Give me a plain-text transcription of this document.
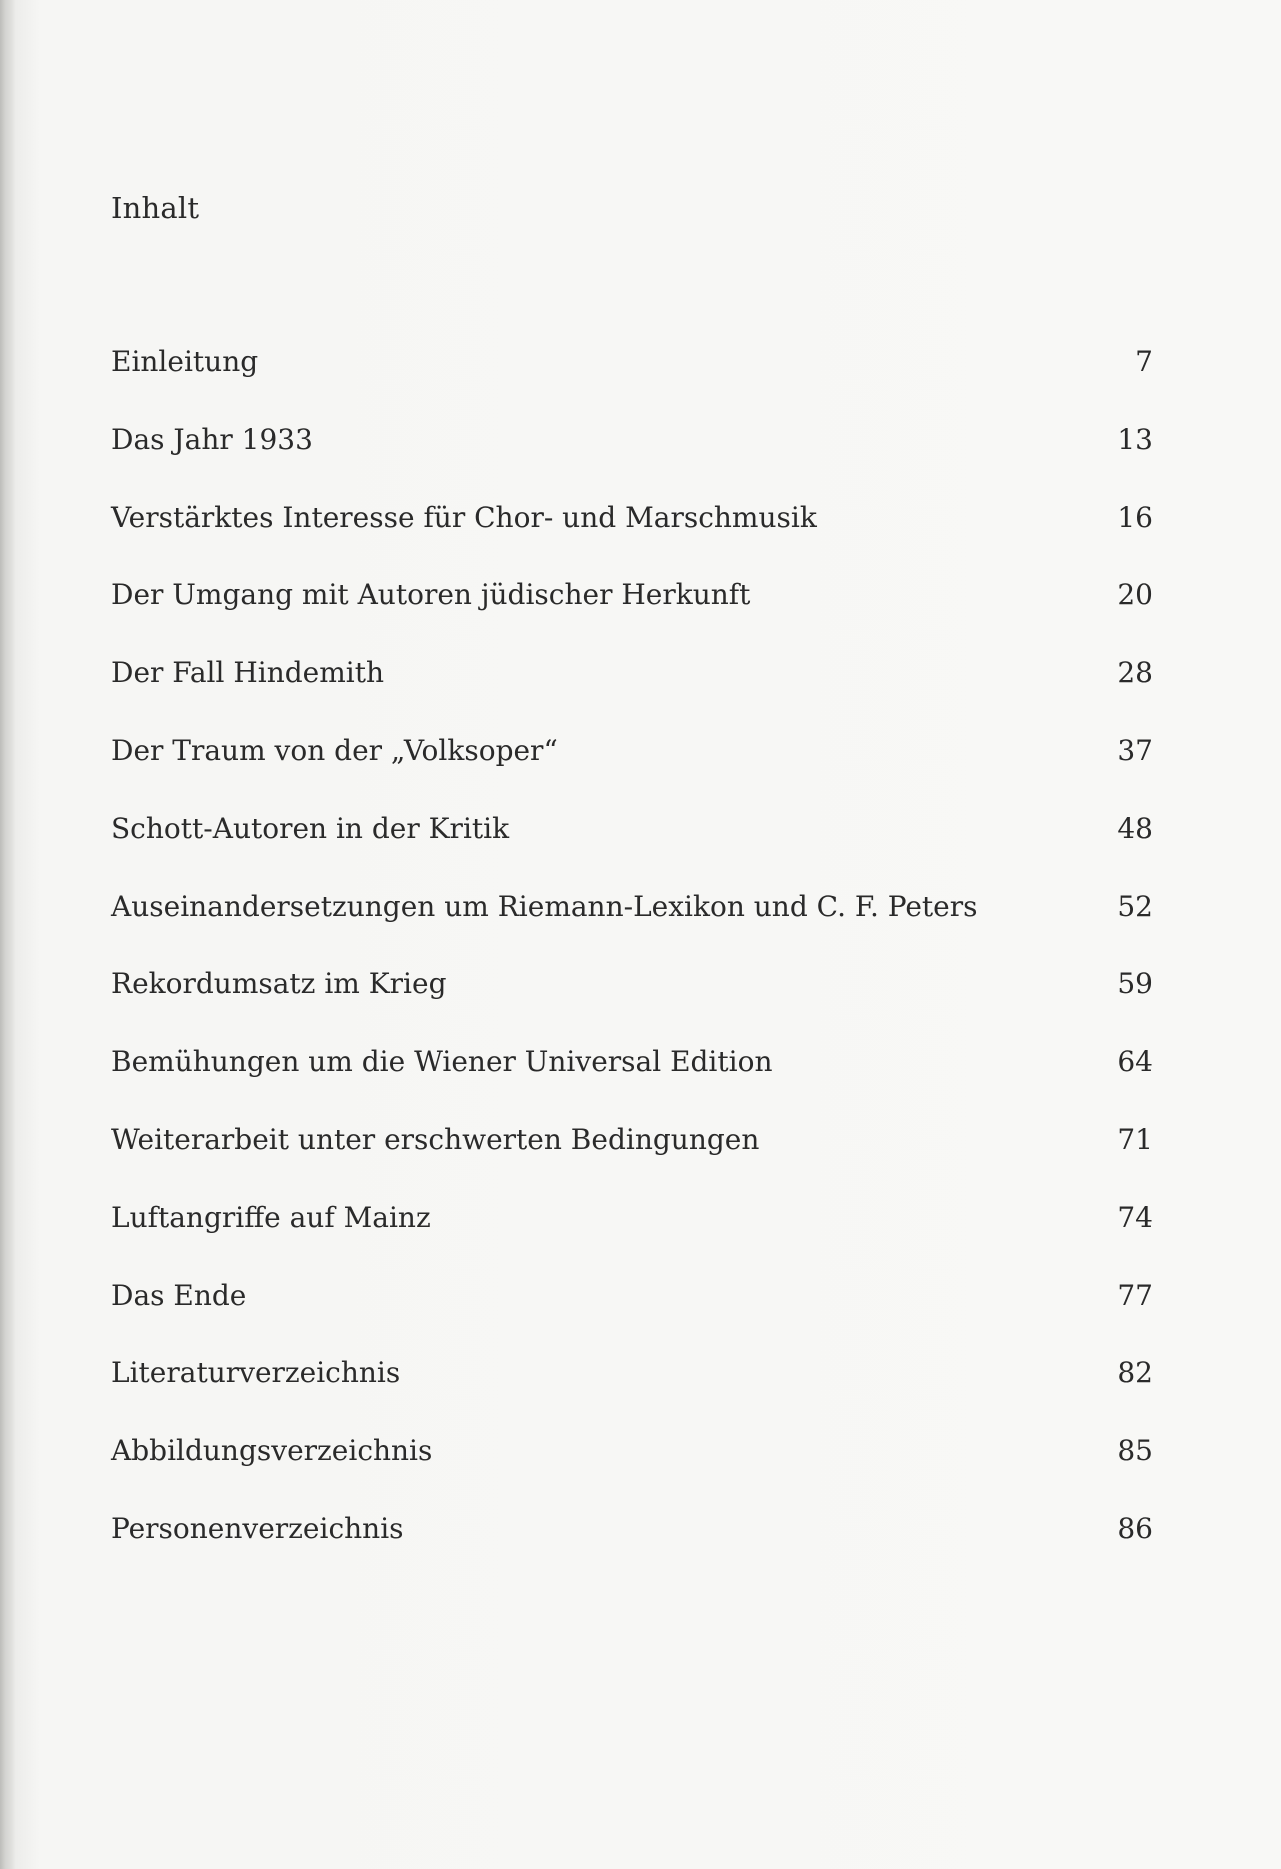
Inhalt
Einleitung	7
Das Jahr 1933	13
Verstärktes Interesse für Chor- und Marschmusik	16
Der Umgang mit Autoren jüdischer Herkunft	20
Der Fall Hindemith	28
Der Traum von der „Volksoper“	37
Schott-Autoren in der Kritik	48
Auseinandersetzungen um Riemann-Lexikon und C. F. Peters	52
Rekordumsatz im Krieg	59
Bemühungen um die Wiener Universal Edition	64
Weiterarbeit unter erschwerten Bedingungen	71
Luftangriffe auf Mainz	74
Das Ende	77
Literaturverzeichnis	82
Abbildungsverzeichnis	85
Personenverzeichnis	86
